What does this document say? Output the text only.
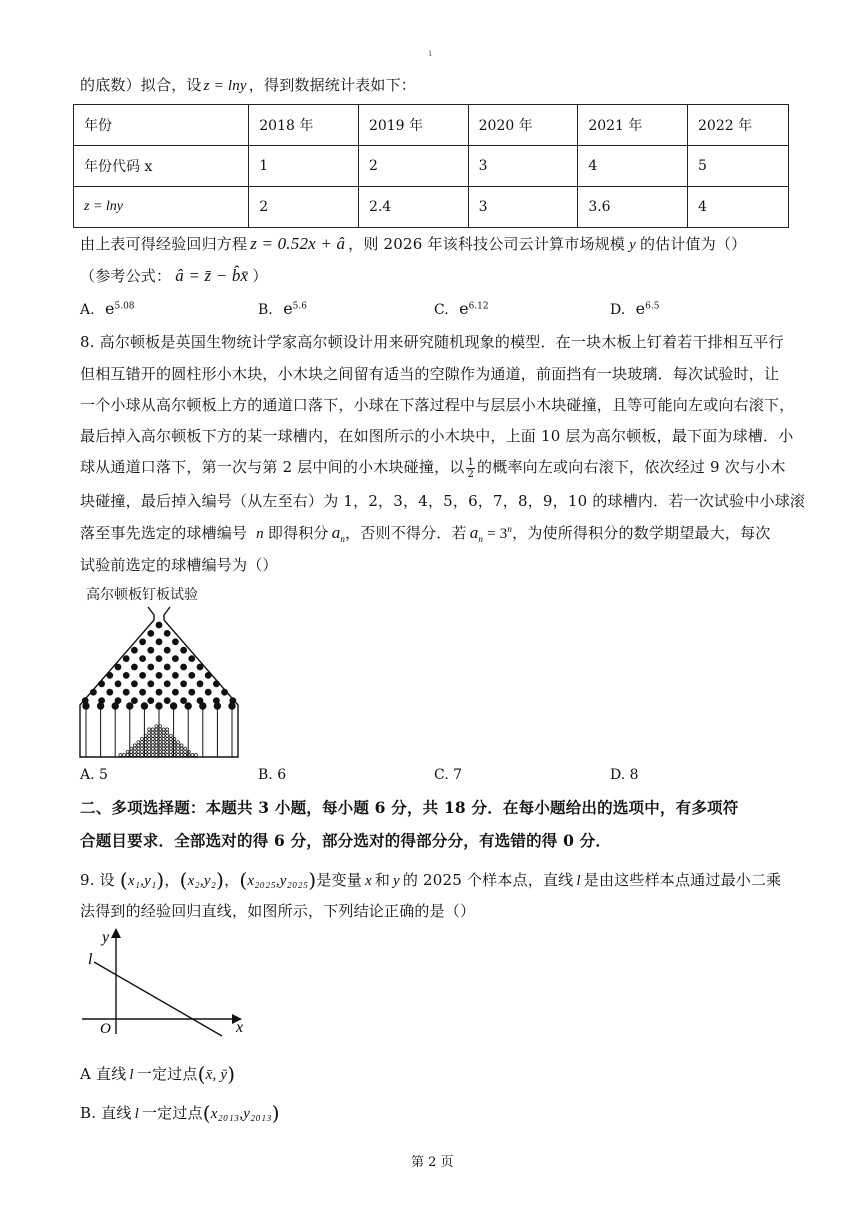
1
的底数）拟合，设 z = lny ，得到数据统计表如下：
年份	2018 年	2019 年	2020 年	2021 年	2022 年
年份代码 x	1	2	3	4	5
z = lny	2	2.4	3	3.6	4
由上表可得经验回归方程 z = 0.52x + â ，则 2026 年该科技公司云计算市场规模 y 的估计值为（）
（参考公式： â = z̄ − b̂x̄ ）
A. $e^{5.08}$	B. $e^{5.6}$	C. $e^{6.12}$	D. $e^{6.5}$
8. 高尔顿板是英国生物统计学家高尔顿设计用来研究随机现象的模型．在一块木板上钉着若干排相互平行
但相互错开的圆柱形小木块，小木块之间留有适当的空隙作为通道，前面挡有一块玻璃．每次试验时，让
一个小球从高尔顿板上方的通道口落下，小球在下落过程中与层层小木块碰撞，且等可能向左或向右滚下，
最后掉入高尔顿板下方的某一球槽内，在如图所示的小木块中，上面 10 层为高尔顿板，最下面为球槽．小
球从通道口落下，第一次与第 2 层中间的小木块碰撞，以 $\frac{1}{2}$ 的概率向左或向右滚下，依次经过 9 次与小木
块碰撞，最后掉入编号（从左至右）为 1，2，3，4，5，6，7，8，9，10 的球槽内．若一次试验中小球滚
落至事先选定的球槽编号 n 即得积分 $a_n$，否则不得分．若 $a_n = 3^n$，为使所得积分的数学期望最大，每次
试验前选定的球槽编号为（）
高尔顿板钉板试验
A. 5	B. 6	C. 7	D. 8
二、多项选择题：本题共 3 小题，每小题 6 分，共 18 分．在每小题给出的选项中，有多项符
合题目要求．全部选对的得 6 分，部分选对的得部分分，有选错的得 0 分．
9. 设 (x₁,y₁)，(x₂,y₂)，(x₂₀₂₅,y₂₀₂₅)是变量 x 和 y 的 2025 个样本点，直线 l 是由这些样本点通过最小二乘
法得到的经验回归直线，如图所示，下列结论正确的是（）
y
x
O
l
A 直线 l 一定过点(x̄, ȳ)
B. 直线 l 一定过点(x₂₀₁₃,y₂₀₁₃)
第 2 页
